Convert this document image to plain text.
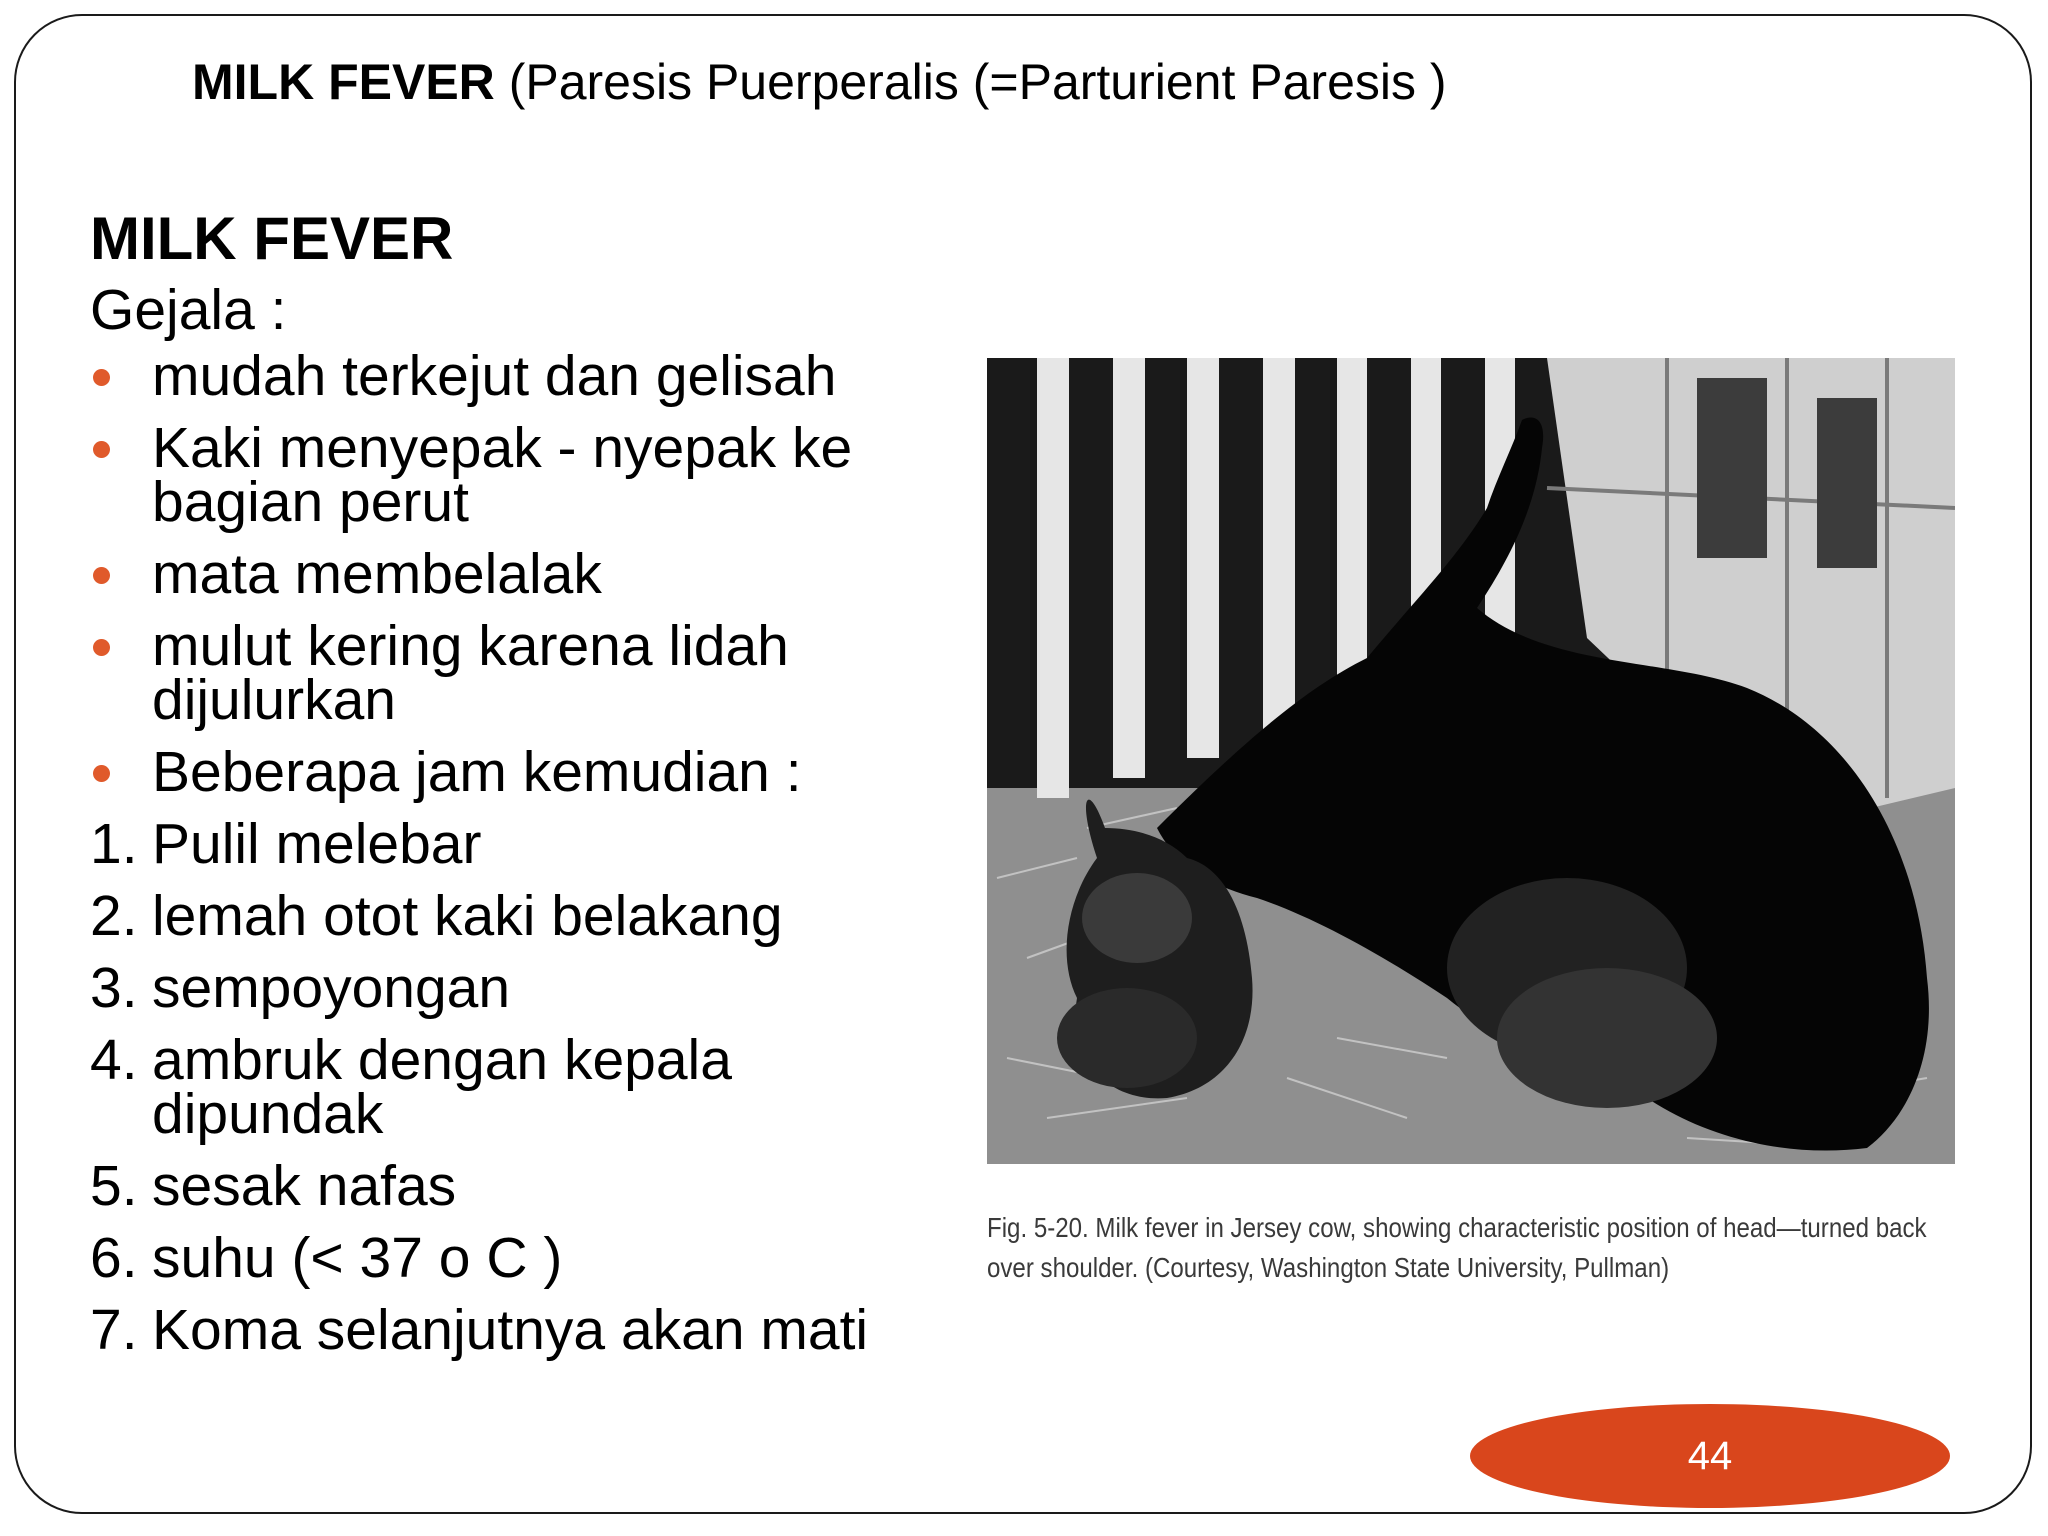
MILK FEVER (Paresis Puerperalis (=Parturient Paresis )
MILK FEVER
Gejala :
mudah terkejut dan gelisah
Kaki menyepak - nyepak ke bagian perut
mata membelalak
mulut kering karena lidah dijulurkan
Beberapa jam kemudian :
1. Pulil melebar
2. lemah otot kaki belakang
3. sempoyongan
4. ambruk dengan kepala
dipundak
5. sesak nafas
6. suhu (< 37 o C )
7. Koma selanjutnya akan mati
Fig. 5-20. Milk fever in Jersey cow, showing characteristic position of head—turned back
over shoulder. (Courtesy, Washington State University, Pullman)
44
